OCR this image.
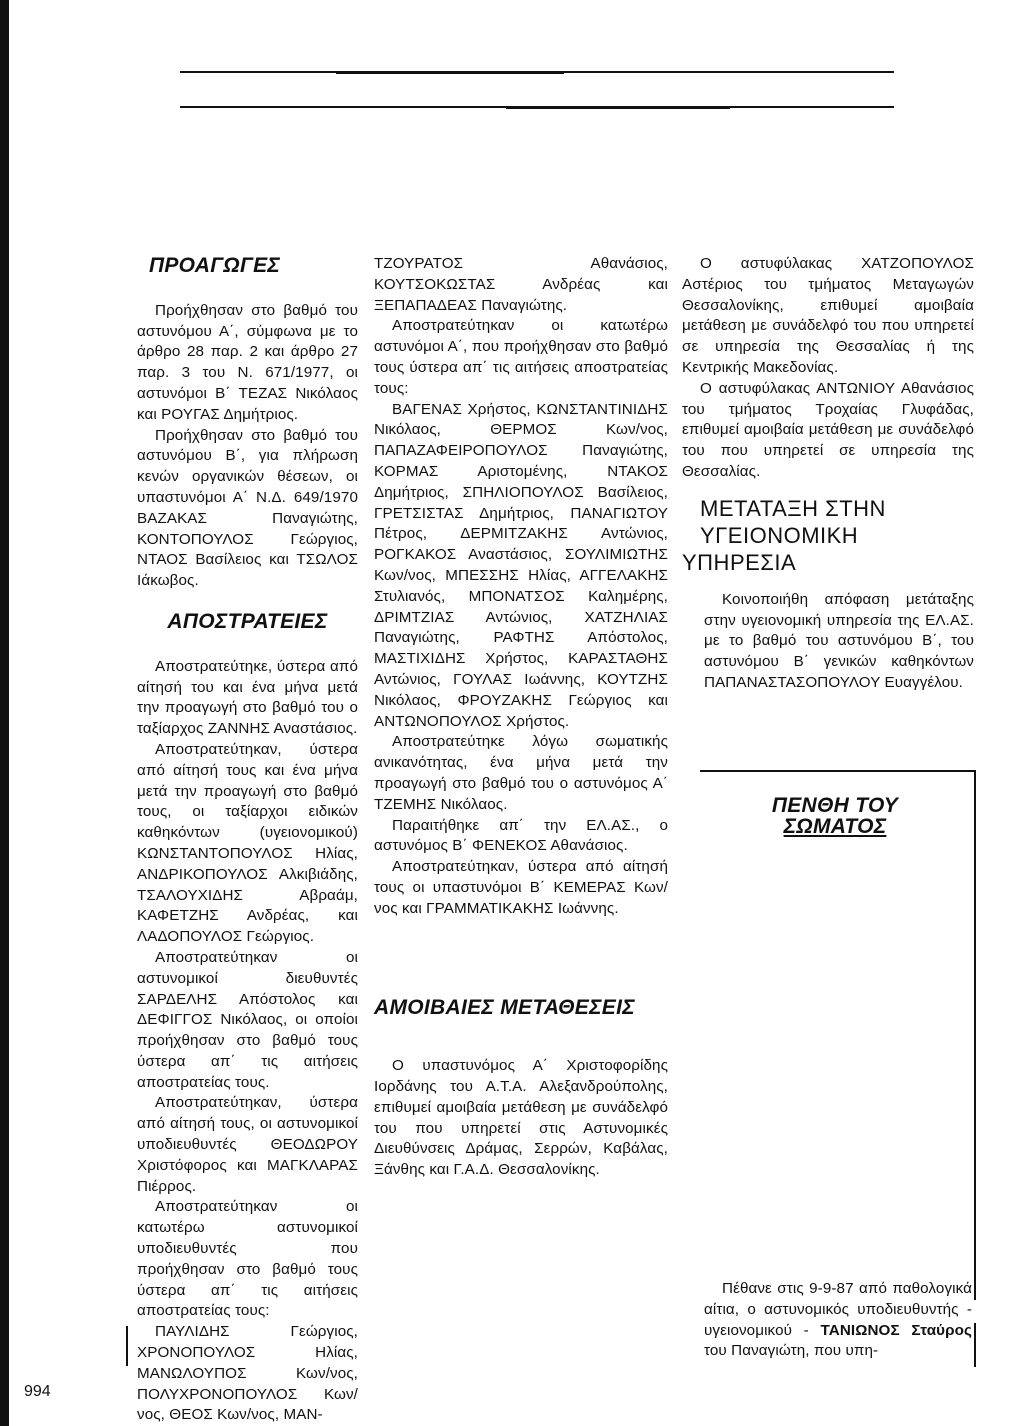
ΠΡΟΑΓΩΓΕΣ

Προήχθησαν στο βαθμό του αστυνόμου Α΄, σύμφωνα με το άρθρο 28 παρ. 2 και άρθρο 27 παρ. 3 του Ν. 671/1977, οι αστυνόμοι Β΄ ΤΕΖΑΣ Νικόλαος και ΡΟΥΓΑΣ Δημήτριος.

Προήχθησαν στο βαθμό του αστυνόμου Β΄, για πλήρωση κενών οργανικών θέσεων, οι υπαστυνόμοι Α΄ Ν.Δ. 649/1970 ΒΑΖΑΚΑΣ Παναγιώτης, ΚΟΝΤΟΠΟΥΛΟΣ Γεώργιος, ΝΤΑΟΣ Βασίλειος και ΤΣΩΛΟΣ Ιάκωβος.

ΑΠΟΣΤΡΑΤΕΙΕΣ

Αποστρατεύτηκε, ύστερα από αίτησή του και ένα μήνα μετά την προαγωγή στο βαθμό του ο ταξίαρχος ΖΑΝΝΗΣ Αναστάσιος.

Αποστρατεύτηκαν, ύστερα από αίτησή τους και ένα μήνα μετά την προαγωγή στο βαθμό τους, οι ταξίαρχοι ειδικών καθηκόντων (υγειονομικού) ΚΩΝΣΤΑΝΤΟΠΟΥΛΟΣ Ηλίας, ΑΝΔΡΙΚΟΠΟΥΛΟΣ Αλκιβιάδης, ΤΣΑΛΟΥΧΙΔΗΣ Αβραάμ, ΚΑΦΕΤΖΗΣ Ανδρέας, και ΛΑΔΟΠΟΥΛΟΣ Γεώργιος.

Αποστρατεύτηκαν οι αστυνομικοί διευθυντές ΣΑΡΔΕΛΗΣ Απόστολος και ΔΕΦΙΓΓΟΣ Νικόλαος, οι οποίοι προήχθησαν στο βαθμό τους ύστερα απ΄ τις αιτήσεις αποστρατείας τους.

Αποστρατεύτηκαν, ύστερα από αίτησή τους, οι αστυνομικοί υποδιευθυντές ΘΕΟΔΩΡΟΥ Χριστόφορος και ΜΑΓΚΛΑΡΑΣ Πιέρρος.

Αποστρατεύτηκαν οι κατωτέρω αστυνομικοί υποδιευθυντές που προήχθησαν στο βαθμό τους ύστερα απ΄ τις αιτήσεις αποστρατείας τους:

ΠΑΥΛΙΔΗΣ Γεώργιος, ΧΡΟΝΟΠΟΥΛΟΣ Ηλίας, ΜΑΝΩΛΟΥΠΟΣ Κων/νος, ΠΟΛΥΧΡΟΝΟΠΟΥΛΟΣ Κων/νος, ΘΕΟΣ Κων/νος, ΜΑΝ-

ΤΖΟΥΡΑΤΟΣ Αθανάσιος, ΚΟΥΤΣΟΚΩΣΤΑΣ Ανδρέας και ΞΕΠΑΠΑΔΕΑΣ Παναγιώτης.

Αποστρατεύτηκαν οι κατωτέρω αστυνόμοι Α΄, που προήχθησαν στο βαθμό τους ύστερα απ΄ τις αιτήσεις αποστρατείας τους:

ΒΑΓΕΝΑΣ Χρήστος, ΚΩΝΣΤΑΝΤΙΝΙΔΗΣ Νικόλαος, ΘΕΡΜΟΣ Κων/νος, ΠΑΠΑΖΑΦΕΙΡΟΠΟΥΛΟΣ Παναγιώτης, ΚΟΡΜΑΣ Αριστομένης, ΝΤΑΚΟΣ Δημήτριος, ΣΠΗΛΙΟΠΟΥΛΟΣ Βασίλειος, ΓΡΕΤΣΙΣΤΑΣ Δημήτριος, ΠΑΝΑΓΙΩΤΟΥ Πέτρος, ΔΕΡΜΙΤΖΑΚΗΣ Αντώνιος, ΡΟΓΚΑΚΟΣ Αναστάσιος, ΣΟΥΛΙΜΙΩΤΗΣ Κων/νος, ΜΠΕΣΣΗΣ Ηλίας, ΑΓΓΕΛΑΚΗΣ Στυλιανός, ΜΠΟΝΑΤΣΟΣ Καλημέρης, ΔΡΙΜΤΖΙΑΣ Αντώνιος, ΧΑΤΖΗΛΙΑΣ Παναγιώτης, ΡΑΦΤΗΣ Απόστολος, ΜΑΣΤΙΧΙΔΗΣ Χρήστος, ΚΑΡΑΣΤΑΘΗΣ Αντώνιος, ΓΟΥΛΑΣ Ιωάννης, ΚΟΥΤΖΗΣ Νικόλαος, ΦΡΟΥΖΑΚΗΣ Γεώργιος και ΑΝΤΩΝΟΠΟΥΛΟΣ Χρήστος.

Αποστρατεύτηκε λόγω σωματικής ανικανότητας, ένα μήνα μετά την προαγωγή στο βαθμό του ο αστυνόμος Α΄ ΤΖΕΜΗΣ Νικόλαος.

Παραιτήθηκε απ΄ την ΕΛ.ΑΣ., ο αστυνόμος Β΄ ΦΕΝΕΚΟΣ Αθανάσιος.

Αποστρατεύτηκαν, ύστερα από αίτησή τους οι υπαστυνόμοι Β΄ ΚΕΜΕΡΑΣ Κων/νος και ΓΡΑΜΜΑΤΙΚΑΚΗΣ Ιωάννης.

ΑΜΟΙΒΑΙΕΣ ΜΕΤΑΘΕΣΕΙΣ

Ο υπαστυνόμος Α΄ Χριστοφορίδης Ιορδάνης του Α.Τ.Α. Αλεξανδρούπολης, επιθυμεί αμοιβαία μετάθεση με συνάδελφό του που υπηρετεί στις Αστυνομικές Διευθύνσεις Δράμας, Σερρών, Καβάλας, Ξάνθης και Γ.Α.Δ. Θεσσαλονίκης.

Ο αστυφύλακας ΧΑΤΖΟΠΟΥΛΟΣ Αστέριος του τμήματος Μεταγωγών Θεσσαλονίκης, επιθυμεί αμοιβαία μετάθεση με συνάδελφό του που υπηρετεί σε υπηρεσία της Θεσσαλίας ή της Κεντρικής Μακεδονίας.

Ο αστυφύλακας ΑΝΤΩΝΙΟΥ Αθανάσιος του τμήματος Τροχαίας Γλυφάδας, επιθυμεί αμοιβαία μετάθεση με συνάδελφό του που υπηρετεί σε υπηρεσία της Θεσσαλίας.

ΜΕΤΑΤΑΞΗ ΣΤΗΝ

ΥΓΕΙΟΝΟΜΙΚΗ ΥΠΗΡΕΣΙΑ

Κοινοποιήθη απόφαση μετάταξης στην υγειονομική υπηρεσία της ΕΛ.ΑΣ. με το βαθμό του αστυνόμου Β΄, του αστυνόμου Β΄ γενικών καθηκόντων ΠΑΠΑΝΑΣΤΑΣΟΠΟΥΛΟΥ Ευαγγέλου.

ΠΕΝΘΗ ΤΟΥ

ΣΩΜΑΤΟΣ

Πέθανε στις 9-9-87 από παθολογικά αίτια, ο αστυνομικός υποδιευθυντής - υγειονομικού - ΤΑΝΙΩΝΟΣ Σταύρος του Παναγιώτη, που υπη-

994
